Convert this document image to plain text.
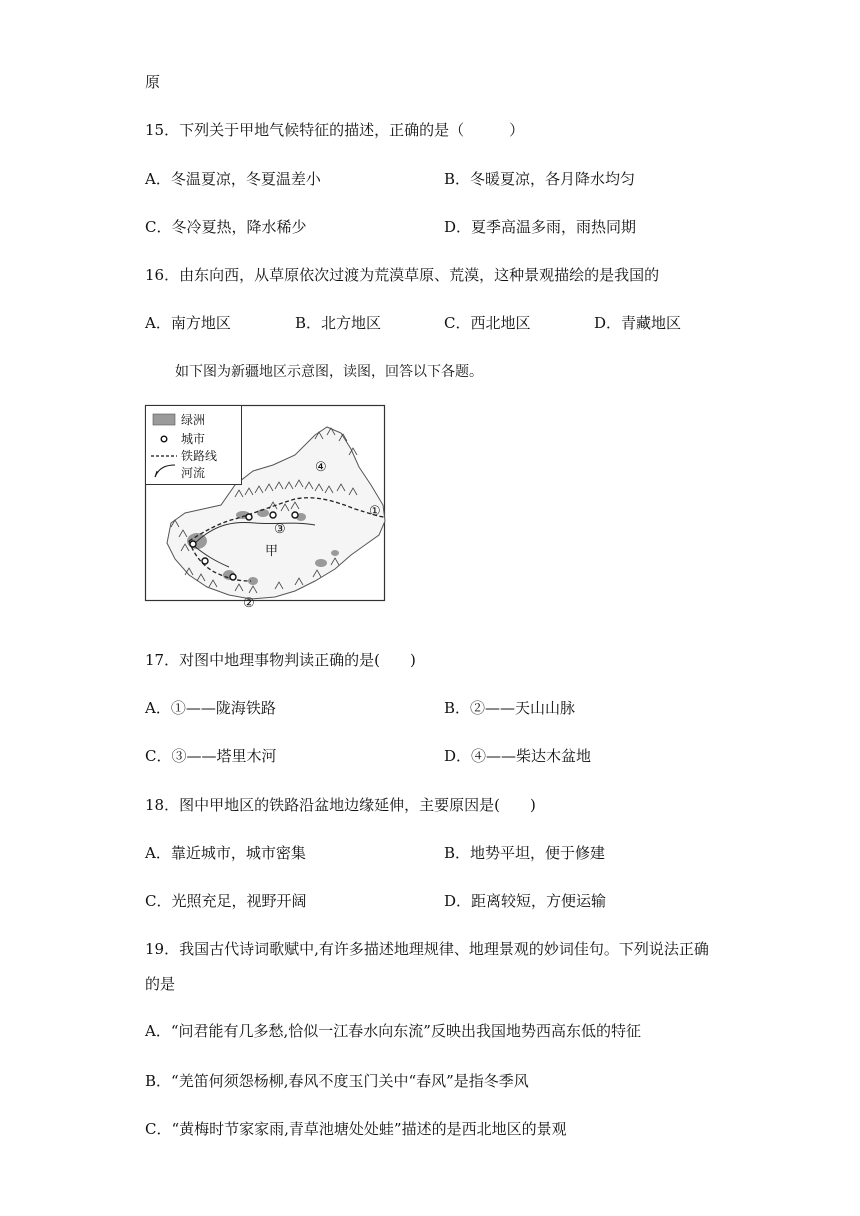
原
15．下列关于甲地气候特征的描述，正确的是（　　　）
A．冬温夏凉，冬夏温差小	B．冬暖夏凉，各月降水均匀
C．冬冷夏热，降水稀少	D．夏季高温多雨，雨热同期
16．由东向西，从草原依次过渡为荒漠草原、荒漠，这种景观描绘的是我国的
A．南方地区	B．北方地区	C．西北地区	D．青藏地区
如下图为新疆地区示意图，读图，回答以下各题。
绿洲
城市
铁路线
河流
甲
①
②
③
④
17．对图中地理事物判读正确的是(　　)
A．①——陇海铁路	B．②——天山山脉
C．③——塔里木河	D．④——柴达木盆地
18．图中甲地区的铁路沿盆地边缘延伸，主要原因是(　　)
A．靠近城市，城市密集	B．地势平坦，便于修建
C．光照充足，视野开阔	D．距离较短，方便运输
19．我国古代诗词歌赋中,有许多描述地理规律、地理景观的妙词佳句。下列说法正确
的是
A．“问君能有几多愁,恰似一江春水向东流”反映出我国地势西高东低的特征
B．“羌笛何须怨杨柳,春风不度玉门关中“春风”是指冬季风
C．“黄梅时节家家雨,青草池塘处处蛙”描述的是西北地区的景观
